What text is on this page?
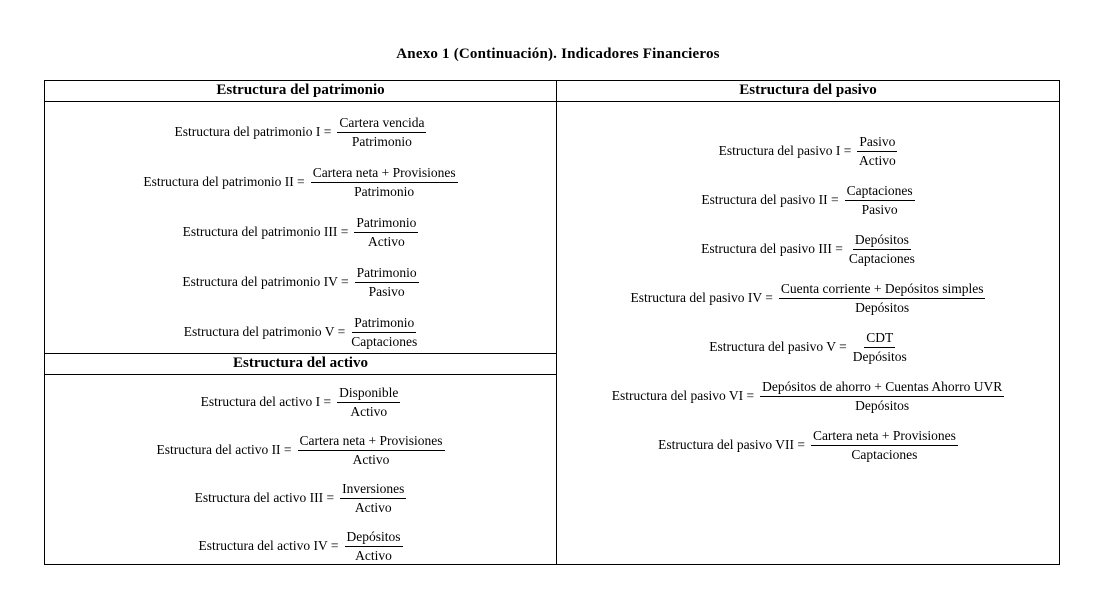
Anexo 1 (Continuación). Indicadores Financieros
Estructura del patrimonio
Estructura del patrimonio $I = \frac{\text{Cartera vencida}}{\text{Patrimonio}}$
Estructura del patrimonio II = $\frac{\text{Cartera neta + Provisiones}}{\text{Patrimonio}}$
Estructura del patrimonio III = $\frac{\text{Patrimonio}}{\text{Activo}}$
Estructura del patrimonio IV = $\frac{\text{Patrimonio}}{\text{Pasivo}}$
Estructura del patrimonio $V = \frac{\text{Patrimonio}}{\text{Captaciones}}$
Estructura del activo
Estructura del activo $I = \frac{\text{Disponible}}{\text{Activo}}$
Estructura del activo II = $\frac{\text{Cartera neta + Provisiones}}{\text{Activo}}$
Estructura del activo III = $\frac{\text{Inversiones}}{\text{Activo}}$
Estructura del activo IV = $\frac{\text{Depósitos}}{\text{Activo}}$
Estructura del pasivo
Estructura del pasivo $I = \frac{\text{Pasivo}}{\text{Activo}}$
Estructura del pasivo II = $\frac{\text{Captaciones}}{\text{Pasivo}}$
Estructura del pasivo III = $\frac{\text{Depósitos}}{\text{Captaciones}}$
Estructura del pasivo IV = $\frac{\text{Cuenta corriente + Depósitos simples}}{\text{Depósitos}}$
Estructura del pasivo $V = \frac{\text{CDT}}{\text{Depósitos}}$
Estructura del pasivo VI = $\frac{\text{Depósitos de ahorro + Cuentas Ahorro UVR}}{\text{Depósitos}}$
Estructura del pasivo VII = $\frac{\text{Cartera neta + Provisiones}}{\text{Captaciones}}$
